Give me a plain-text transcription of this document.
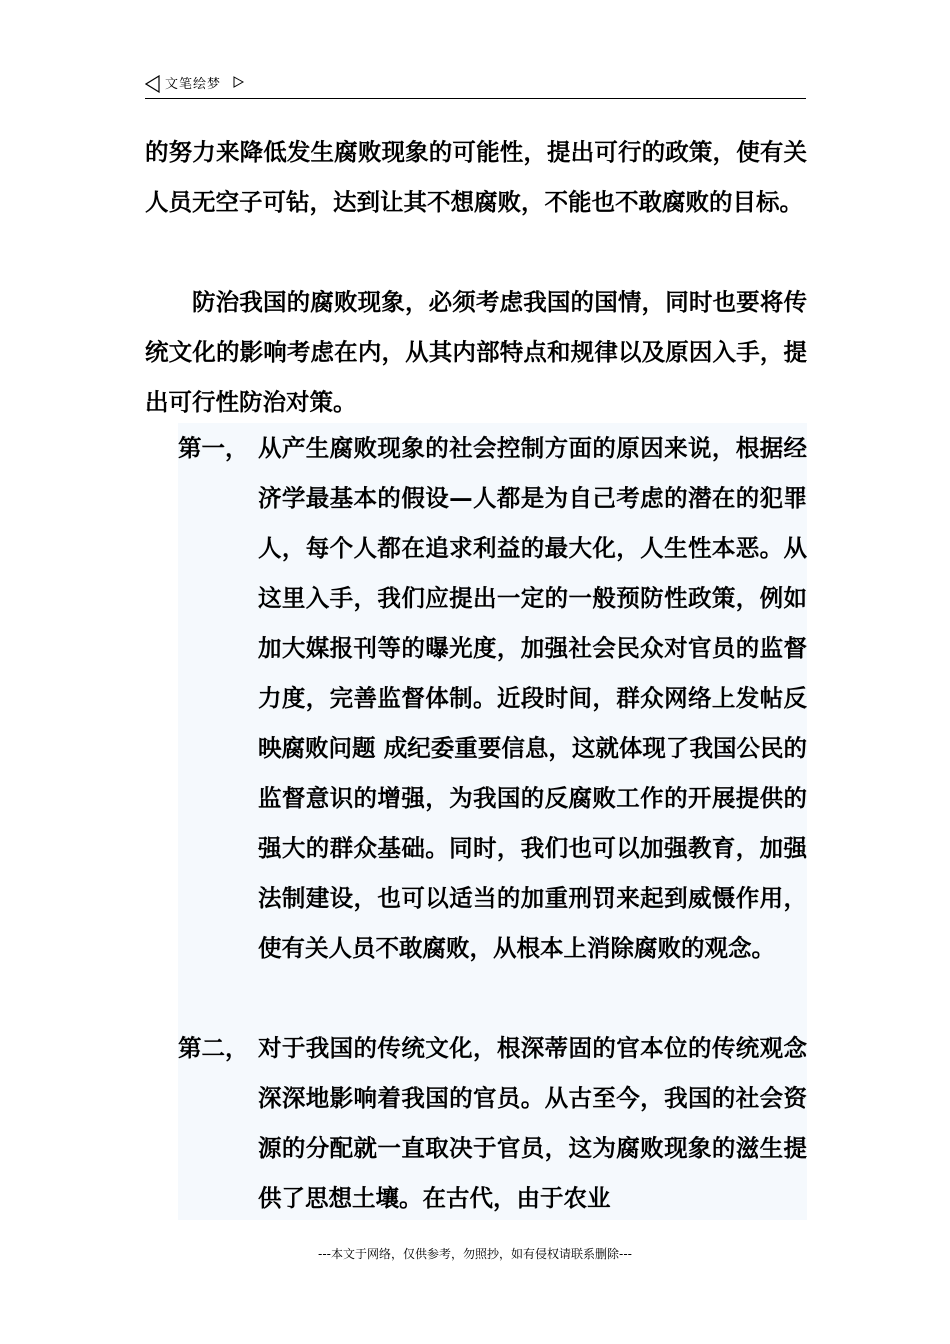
文笔绘梦

的努力来降低发生腐败现象的可能性，提出可行的政策，使有关人员无空子可钻，达到让其不想腐败，不能也不敢腐败的目标。

防治我国的腐败现象，必须考虑我国的国情，同时也要将传统文化的影响考虑在内，从其内部特点和规律以及原因入手，提出可行性防治对策。

第一， 从产生腐败现象的社会控制方面的原因来说，根据经济学最基本的假设—人都是为自己考虑的潜在的犯罪人，每个人都在追求利益的最大化，人生性本恶。从这里入手，我们应提出一定的一般预防性政策，例如加大媒报刊等的曝光度，加强社会民众对官员的监督力度，完善监督体制。近段时间，群众网络上发帖反映腐败问题 成纪委重要信息，这就体现了我国公民的监督意识的增强，为我国的反腐败工作的开展提供的强大的群众基础。同时，我们也可以加强教育，加强法制建设，也可以适当的加重刑罚来起到威慑作用，使有关人员不敢腐败，从根本上消除腐败的观念。
第二， 对于我国的传统文化，根深蒂固的官本位的传统观念深深地影响着我国的官员。从古至今，我国的社会资源的分配就一直取决于官员，这为腐败现象的滋生提供了思想土壤。在古代，由于农业
---本文于网络，仅供参考，勿照抄，如有侵权请联系删除---
